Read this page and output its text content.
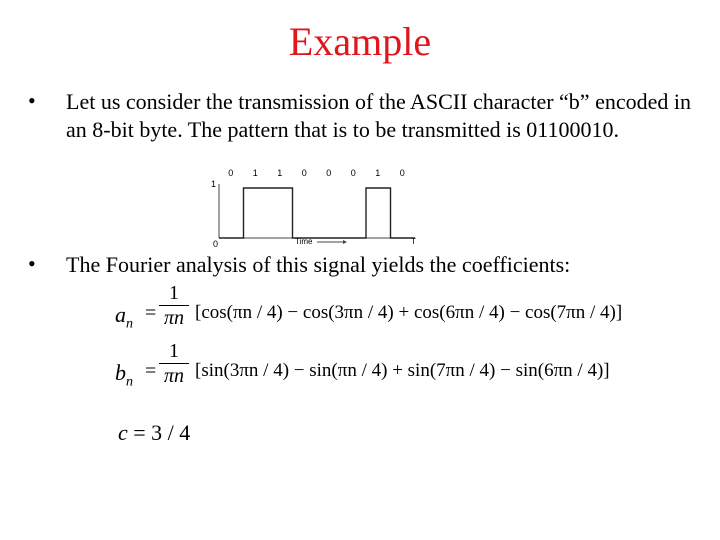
Example
• Let us consider the transmission of the ASCII character “b” encoded in an 8-bit byte. The pattern that is to be transmitted is 01100010.
0 1 1 0 0 0 1 0
1
0	Time	T
• The Fourier analysis of this signal yields the coefficients:
$a_n$ =
1
πn [cos(πn / 4) − cos(3πn / 4) + cos(6πn / 4) − cos(7πn / 4)]
$b_n$ =
1
πn [sin(3πn / 4) − sin(πn / 4) + sin(7πn / 4) − sin(6πn / 4)]
c = 3 / 4
